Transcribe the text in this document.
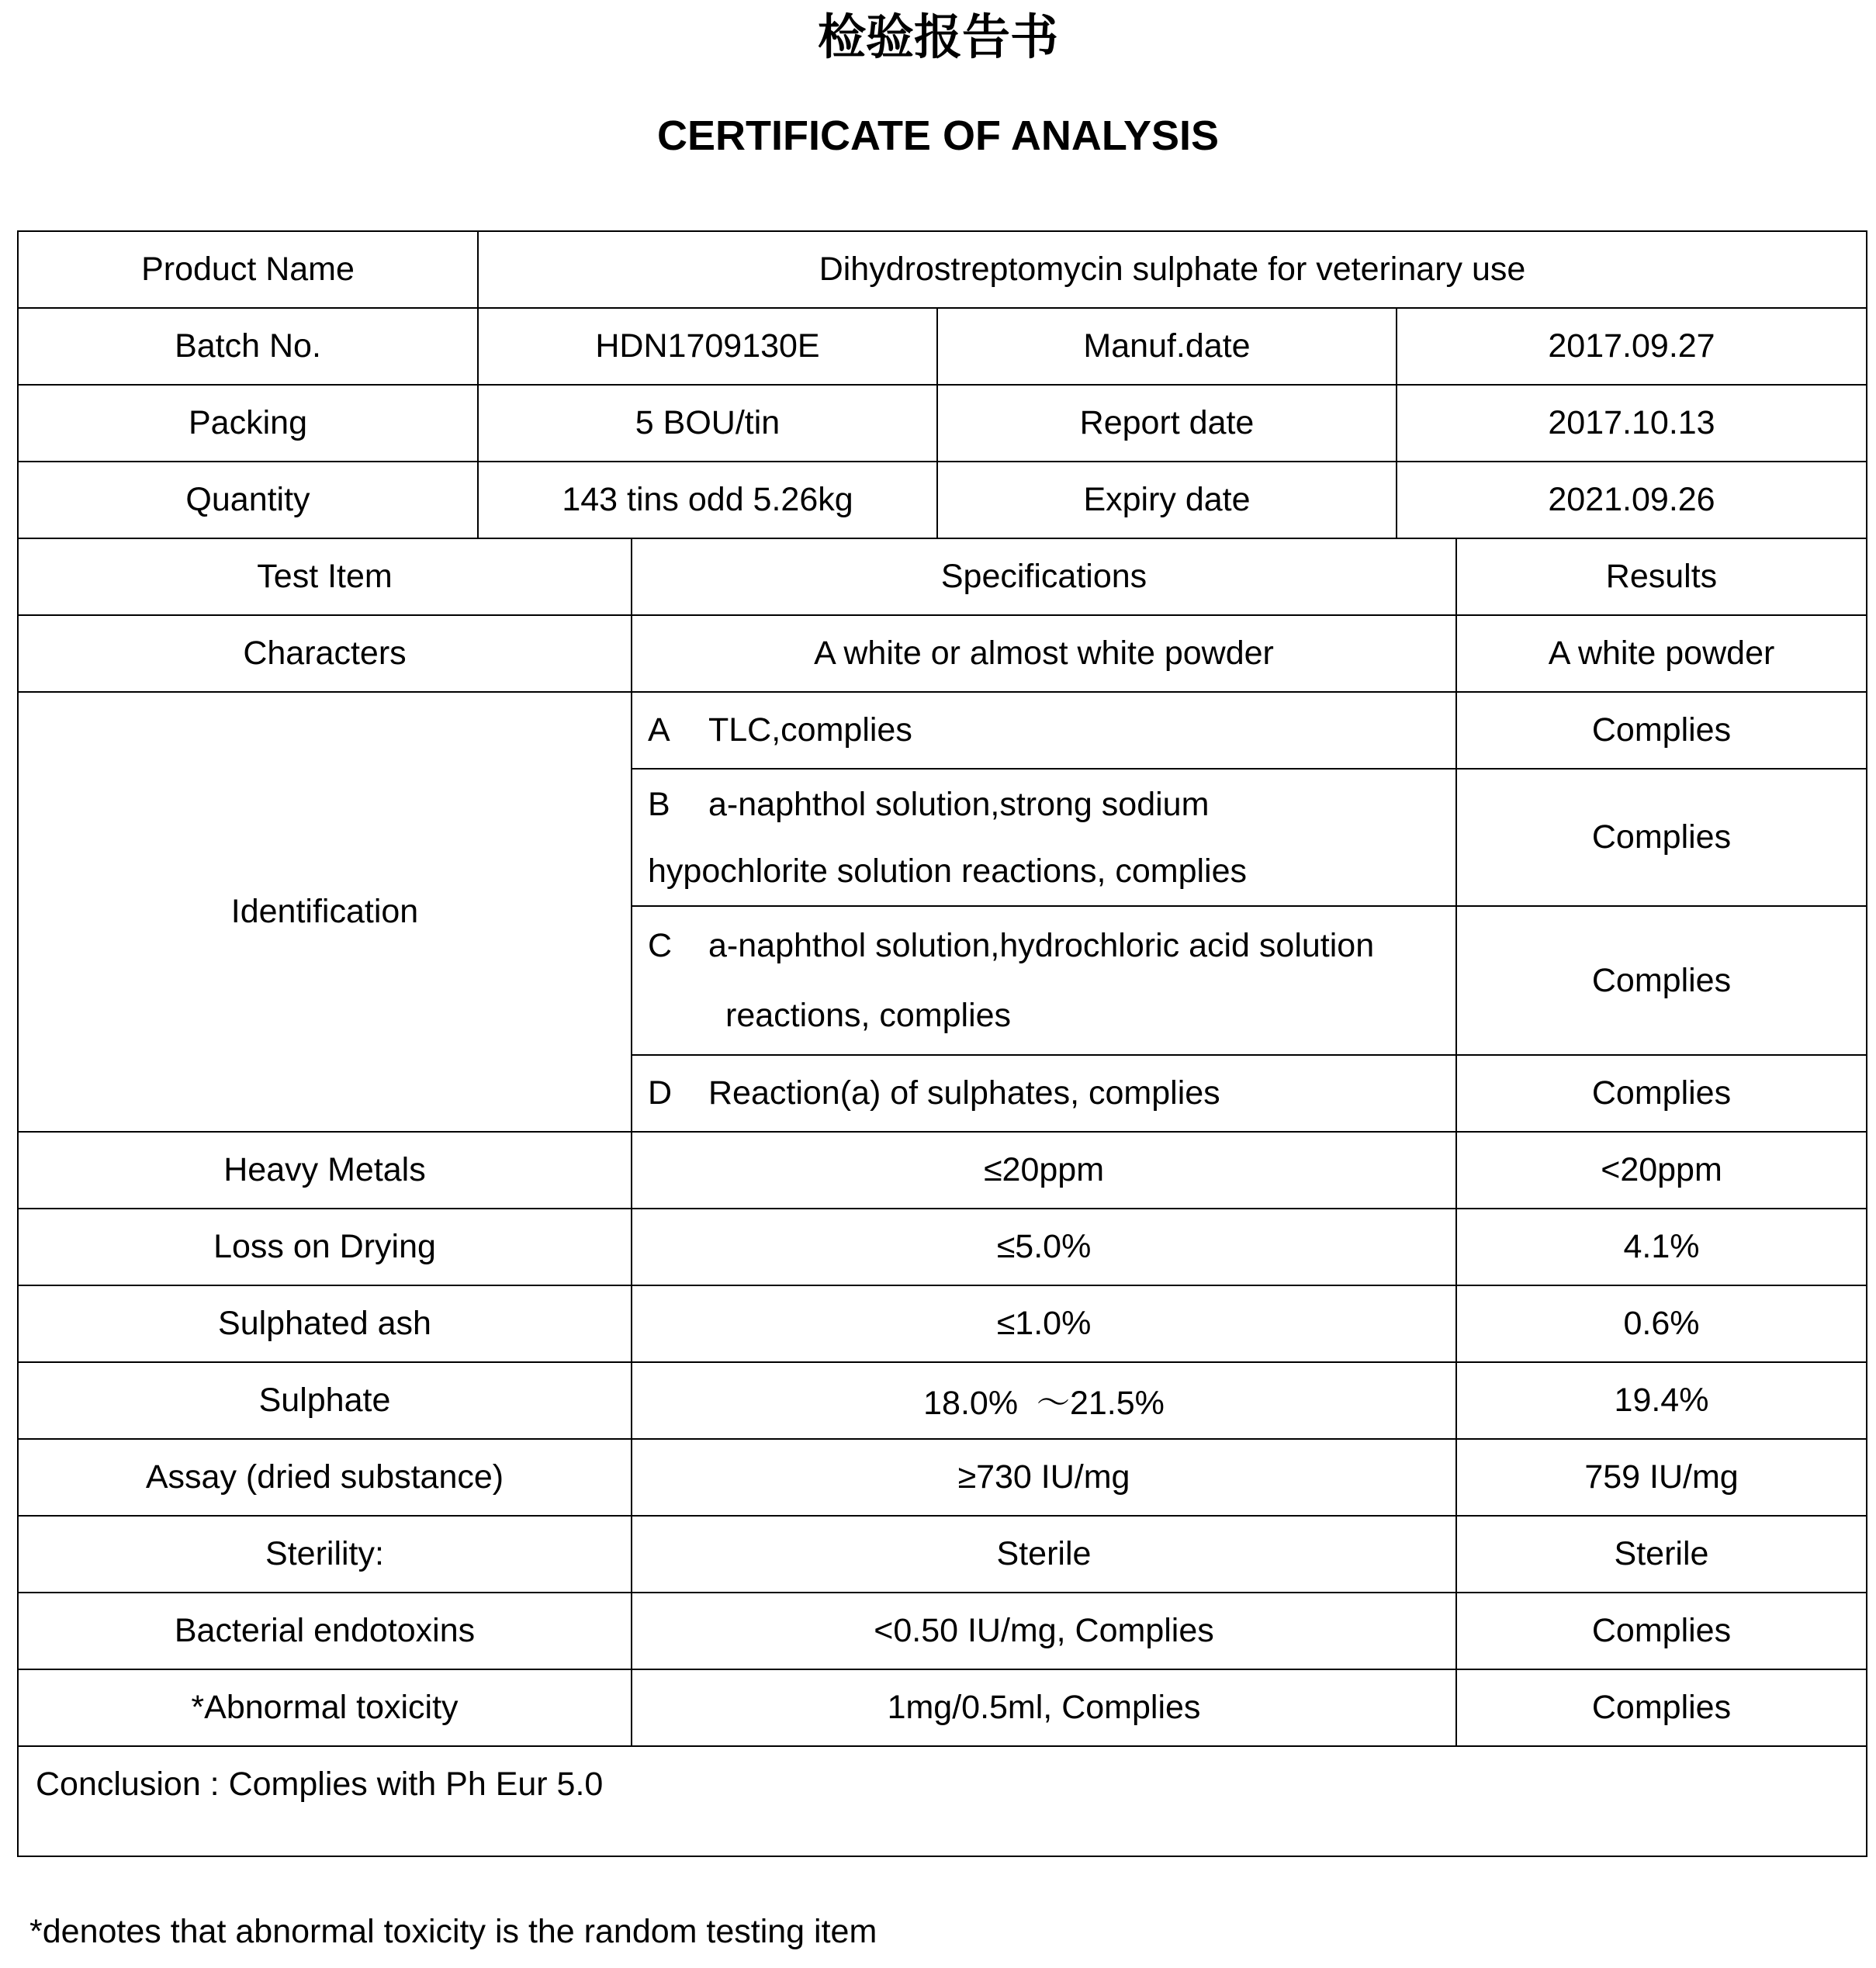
检验报告书
CERTIFICATE OF ANALYSIS
Product Name	Dihydrostreptomycin sulphate for veterinary use		
Batch No.	HDN1709130E	Manuf.date	2017.09.27
Packing	5 BOU/tin	Report date	2017.10.13
Quantity	143 tins odd 5.26kg	Expiry date	2021.09.26
Test Item	Specifications	Results
Characters	A white or almost white powder	A white powder
Identification	A TLC,complies	Complies

	B a-naphthol solution,strong sodium
hypochlorite solution reactions, complies	Complies

	C a-naphthol solution,hydrochloric acid solution
reactions, complies	Complies
	D Reaction(a) of sulphates, complies	Complies
Heavy Metals	≤20ppm	<20ppm
Loss on Drying	≤5.0%	4.1%
Sulphated ash	≤1.0%	0.6%
Sulphate	18.0%  ～21.5%	19.4%
Assay (dried substance)	≥730 IU/mg	759 IU/mg
Sterility:	Sterile	Sterile
Bacterial endotoxins	<0.50 IU/mg, Complies	Complies
*Abnormal toxicity	1mg/0.5ml, Complies	Complies
Conclusion : Complies with Ph Eur 5.0		
*denotes that abnormal toxicity is the random testing item
